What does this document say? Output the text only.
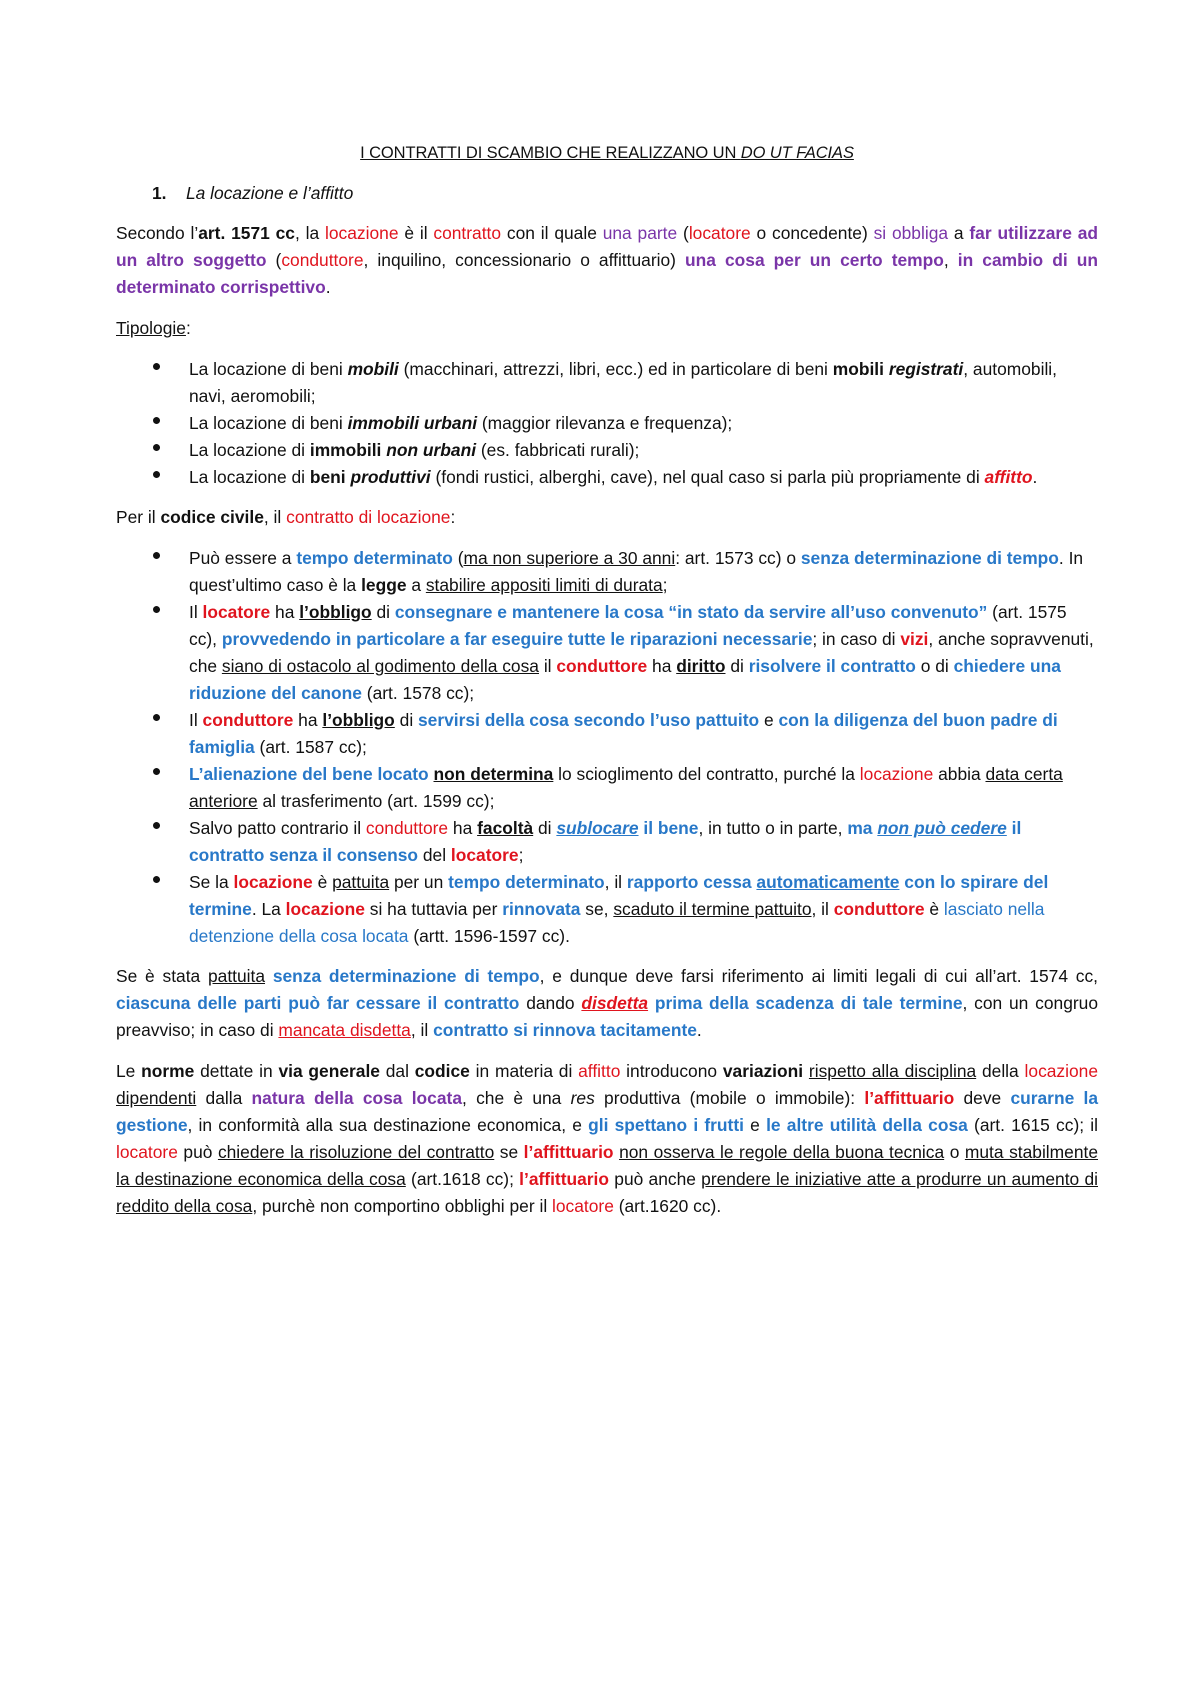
I CONTRATTI DI SCAMBIO CHE REALIZZANO UN DO UT FACIAS
1. La locazione e l’affitto

Secondo l’art. 1571 cc, la locazione è il contratto con il quale una parte (locatore o concedente) si obbliga a far utilizzare ad un altro soggetto (conduttore, inquilino, concessionario o affittuario) una cosa per un certo tempo, in cambio di un determinato corrispettivo.

Tipologie:

La locazione di beni mobili (macchinari, attrezzi, libri, ecc.) ed in particolare di beni mobili registrati, automobili, navi, aeromobili;
La locazione di beni immobili urbani (maggior rilevanza e frequenza);
La locazione di immobili non urbani (es. fabbricati rurali);
La locazione di beni produttivi (fondi rustici, alberghi, cave), nel qual caso si parla più propriamente di affitto.

Per il codice civile, il contratto di locazione:

Può essere a tempo determinato (ma non superiore a 30 anni: art. 1573 cc) o senza determinazione di tempo. In quest’ultimo caso è la legge a stabilire appositi limiti di durata;
Il locatore ha l’obbligo di consegnare e mantenere la cosa “in stato da servire all’uso convenuto” (art. 1575 cc), provvedendo in particolare a far eseguire tutte le riparazioni necessarie; in caso di vizi, anche sopravvenuti, che siano di ostacolo al godimento della cosa il conduttore ha diritto di risolvere il contratto o di chiedere una riduzione del canone (art. 1578 cc);
Il conduttore ha l’obbligo di servirsi della cosa secondo l’uso pattuito e con la diligenza del buon padre di famiglia (art. 1587 cc);
L’alienazione del bene locato non determina lo scioglimento del contratto, purché la locazione abbia data certa anteriore al trasferimento (art. 1599 cc);
Salvo patto contrario il conduttore ha facoltà di sublocare il bene, in tutto o in parte, ma non può cedere il contratto senza il consenso del locatore;
Se la locazione è pattuita per un tempo determinato, il rapporto cessa automaticamente con lo spirare del termine. La locazione si ha tuttavia per rinnovata se, scaduto il termine pattuito, il conduttore è lasciato nella detenzione della cosa locata (artt. 1596-1597 cc).

Se è stata pattuita senza determinazione di tempo, e dunque deve farsi riferimento ai limiti legali di cui all’art. 1574 cc, ciascuna delle parti può far cessare il contratto dando disdetta prima della scadenza di tale termine, con un congruo preavviso; in caso di mancata disdetta, il contratto si rinnova tacitamente.

Le norme dettate in via generale dal codice in materia di affitto introducono variazioni rispetto alla disciplina della locazione dipendenti dalla natura della cosa locata, che è una res produttiva (mobile o immobile): l’affittuario deve curarne la gestione, in conformità alla sua destinazione economica, e gli spettano i frutti e le altre utilità della cosa (art. 1615 cc); il locatore può chiedere la risoluzione del contratto se l’affittuario non osserva le regole della buona tecnica o muta stabilmente la destinazione economica della cosa (art.1618 cc); l’affittuario può anche prendere le iniziative atte a produrre un aumento di reddito della cosa, purchè non comportino obblighi per il locatore (art.1620 cc).
